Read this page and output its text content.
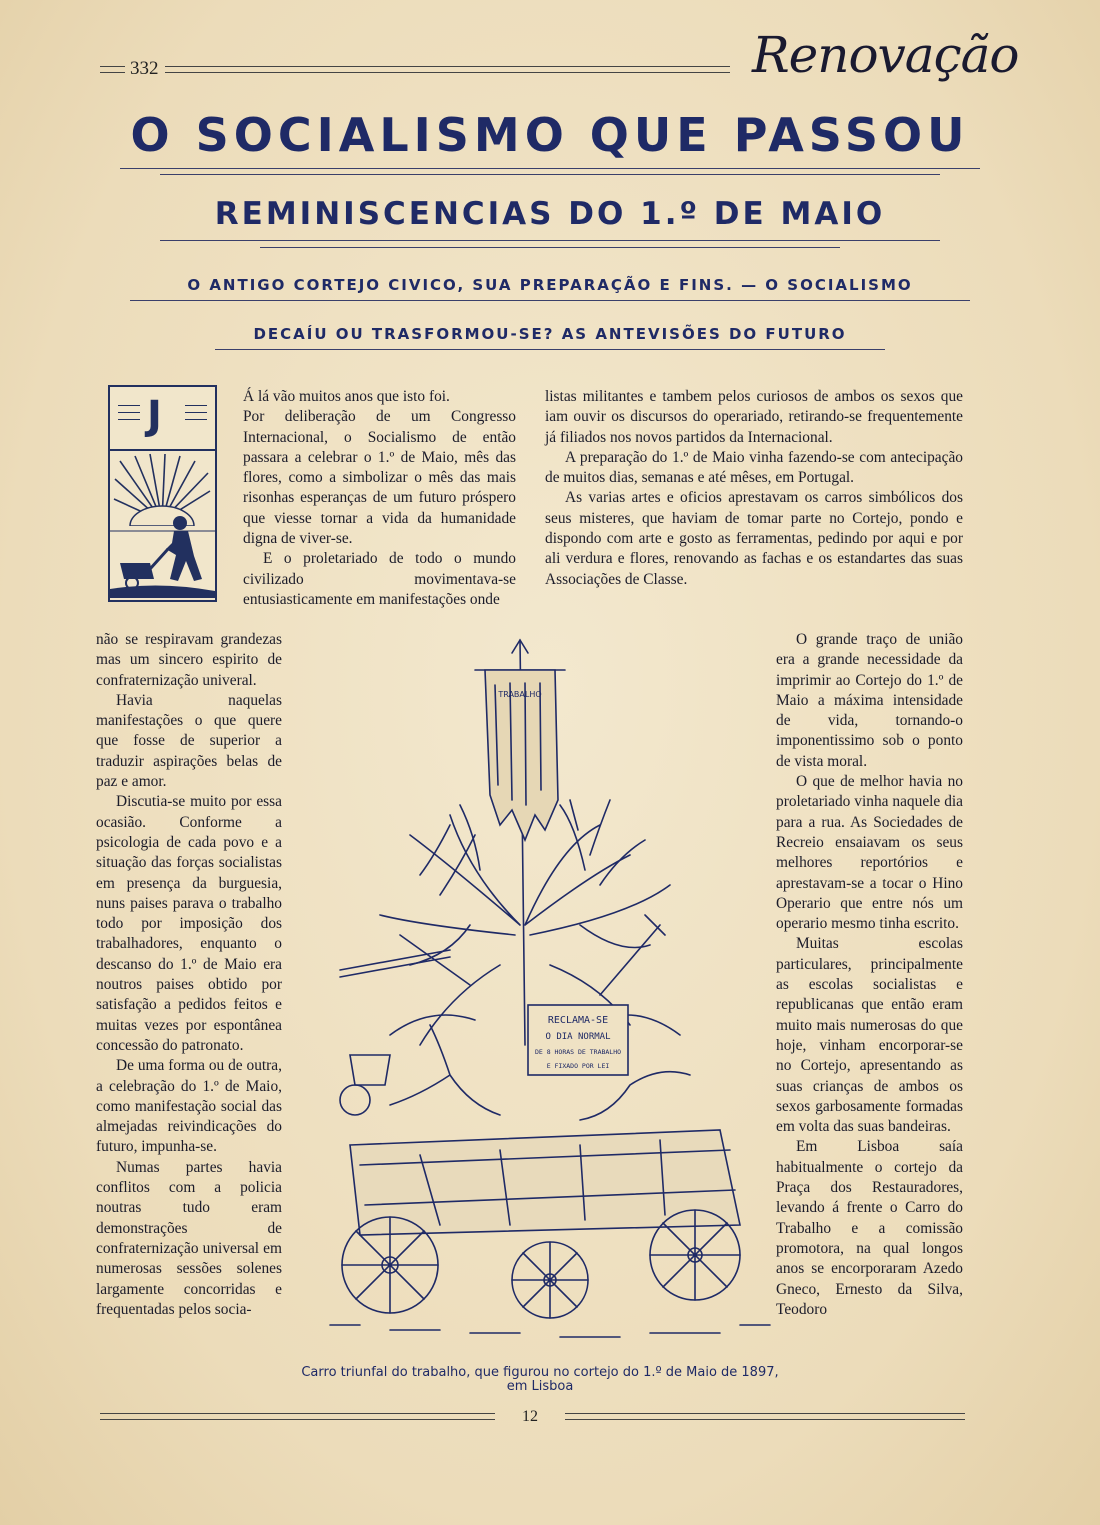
332	Renovação
O SOCIALISMO QUE PASSOU
REMINISCENCIAS DO 1.º DE MAIO
O ANTIGO CORTEJO CIVICO, SUA PREPARAÇÃO E FINS. — O SOCIALISMO
DECAÍU OU TRASFORMOU-SE? AS ANTEVISÕES DO FUTURO
J	Á lá vão muitos anos que isto foi.

Por deliberação de um Congresso Internacional, o Socialismo de então passara a celebrar o 1.º de Maio, mês das flores, como a simbolizar o mês das mais risonhas esperanças de um futuro próspero que viesse tornar a vida da humanidade digna de viver-se.

E o proletariado de todo o mundo civilizado movimentava-se entusiasticamente em manifestações onde

não se respiravam grandezas mas um sincero espirito de confraternização univeral.

Havia naquelas manifestações o que quere que fosse de superior a traduzir aspirações belas de paz e amor.

Discutia-se muito por essa ocasião. Conforme a psicologia de cada povo e a situação das forças socialistas em presença da burguesia, nuns paises parava o trabalho todo por imposição dos trabalhadores, enquanto o descanso do 1.º de Maio era noutros paises obtido por satisfação a pedidos feitos e muitas vezes por espontânea concessão do patronato.

De uma forma ou de outra, a celebração do 1.º de Maio, como manifestação social das almejadas reivindicações do futuro, impunha-se.

Numas partes havia conflitos com a policia noutras tudo eram demonstrações de confraternização universal em numerosas sessões solenes largamente concorridas e frequentadas pelos socia-

listas militantes e tambem pelos curiosos de ambos os sexos que iam ouvir os discursos do operariado, retirando-se frequentemente já filiados nos novos partidos da Internacional.

A preparação do 1.º de Maio vinha fazendo-se com antecipação de muitos dias, semanas e até mêses, em Portugal.

As varias artes e oficios aprestavam os carros simbólicos dos seus misteres, que haviam de tomar parte no Cortejo, pondo e dispondo com arte e gosto as ferramentas, pedindo por aqui e por ali verdura e flores, renovando as fachas e os estandartes das suas Associações de Classe.

O grande traço de união era a grande necessidade da imprimir ao Cortejo do 1.º de Maio a máxima intensidade de vida, tornando-o imponentissimo sob o ponto de vista moral.

O que de melhor havia no proletariado vinha naquele dia para a rua. As Sociedades de Recreio ensaiavam os seus melhores reportórios e aprestavam-se a tocar o Hino Operario que entre nós um operario mesmo tinha escrito.

Muitas escolas particulares, principalmente as escolas socialistas e republicanas que então eram muito mais numerosas do que hoje, vinham encorporar-se no Cortejo, apresentando as suas crianças de ambos os sexos garbosamente formadas em volta das suas bandeiras.

Em Lisboa saía habitualmente o cortejo da Praça dos Restauradores, levando á frente o Carro do Trabalho e a comissão promotora, na qual longos anos se encorporaram Azedo Gneco, Ernesto da Silva, Teodoro

TRABALHO
RECLAMA-SE
O DIA NORMAL
DE 8 HORAS DE TRABALHO
E FIXADO POR LEI
Carro triunfal do trabalho, que figurou no cortejo do 1.º de Maio de 1897, em Lisboa
12
